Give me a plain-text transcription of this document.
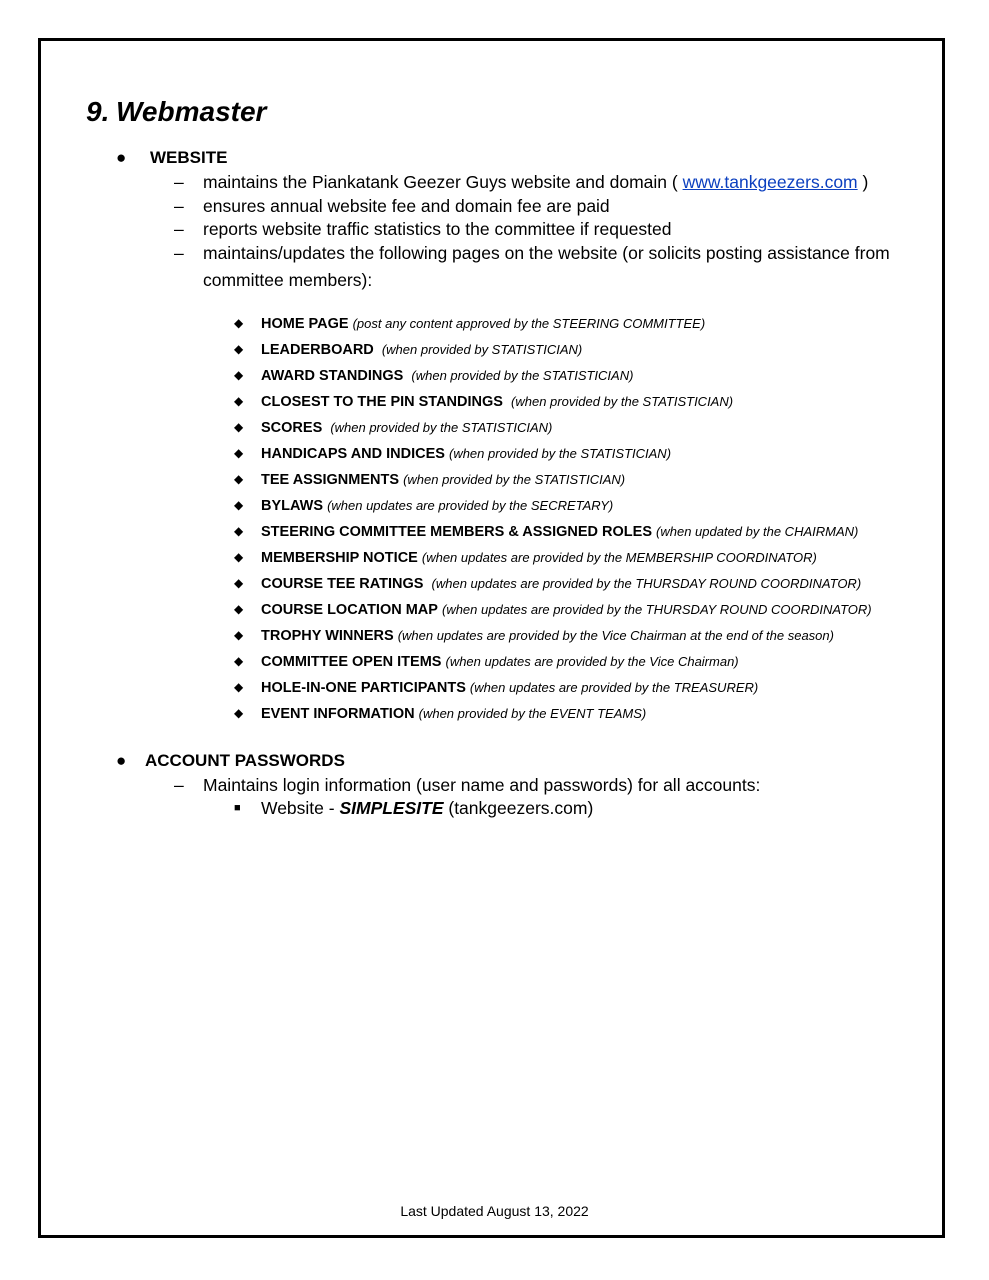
9. Webmaster
● WEBSITE
– maintains the Piankatank Geezer Guys website and domain ( www.tankgeezers.com )
– ensures annual website fee and domain fee are paid
– reports website traffic statistics to the committee if requested
– maintains/updates the following pages on the website (or solicits posting assistance from
committee members):
◆ HOME PAGE (post any content approved by the STEERING COMMITTEE)
◆ LEADERBOARD (when provided by STATISTICIAN)
◆ AWARD STANDINGS (when provided by the STATISTICIAN)
◆ CLOSEST TO THE PIN STANDINGS (when provided by the STATISTICIAN)
◆ SCORES (when provided by the STATISTICIAN)
◆ HANDICAPS AND INDICES (when provided by the STATISTICIAN)
◆ TEE ASSIGNMENTS (when provided by the STATISTICIAN)
◆ BYLAWS (when updates are provided by the SECRETARY)
◆ STEERING COMMITTEE MEMBERS & ASSIGNED ROLES (when updated by the CHAIRMAN)
◆ MEMBERSHIP NOTICE (when updates are provided by the MEMBERSHIP COORDINATOR)
◆ COURSE TEE RATINGS (when updates are provided by the THURSDAY ROUND COORDINATOR)
◆ COURSE LOCATION MAP (when updates are provided by the THURSDAY ROUND COORDINATOR)
◆ TROPHY WINNERS (when updates are provided by the Vice Chairman at the end of the season)
◆ COMMITTEE OPEN ITEMS (when updates are provided by the Vice Chairman)
◆ HOLE-IN-ONE PARTICIPANTS (when updates are provided by the TREASURER)
◆ EVENT INFORMATION (when provided by the EVENT TEAMS)
● ACCOUNT PASSWORDS
– Maintains login information (user name and passwords) for all accounts:
■ Website - SIMPLESITE (tankgeezers.com)
Last Updated August 13, 2022
